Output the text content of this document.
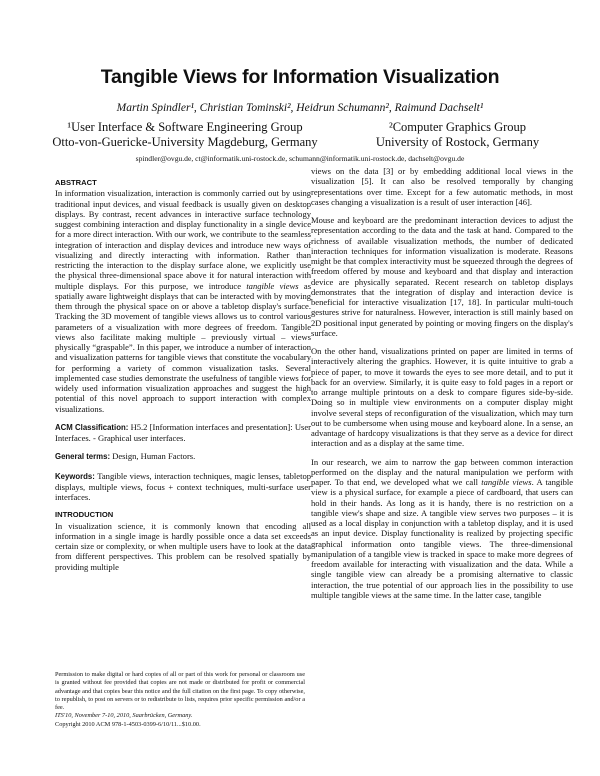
Tangible Views for Information Visualization
Martin Spindler¹, Christian Tominski², Heidrun Schumann², Raimund Dachselt¹
¹User Interface & Software Engineering Group
Otto-von-Guericke-University Magdeburg, Germany
²Computer Graphics Group
University of Rostock, Germany
spindler@ovgu.de, ct@informatik.uni-rostock.de, schumann@informatik.uni-rostock.de, dachselt@ovgu.de

ABSTRACT

In information visualization, interaction is commonly carried out by using traditional input devices, and visual feedback is usually given on desktop displays. By contrast, recent advances in interactive surface technology suggest combining interaction and display functionality in a single device for a more direct interaction. With our work, we contribute to the seamless integration of interaction and display devices and introduce new ways of visualizing and directly interacting with information. Rather than restricting the interaction to the display surface alone, we explicitly use the physical three-dimensional space above it for natural interaction with multiple displays. For this purpose, we introduce tangible views as spatially aware lightweight displays that can be interacted with by moving them through the physical space on or above a tabletop display's surface. Tracking the 3D movement of tangible views allows us to control various parameters of a visualization with more degrees of freedom. Tangible views also facilitate making multiple – previously virtual – views physically “graspable”. In this paper, we introduce a number of interaction and visualization patterns for tangible views that constitute the vocabulary for performing a variety of common visualization tasks. Several implemented case studies demonstrate the usefulness of tangible views for widely used information visualization approaches and suggest the high potential of this novel approach to support interaction with complex visualizations.

ACM Classification: H5.2 [Information interfaces and presentation]: User Interfaces. - Graphical user interfaces.

General terms: Design, Human Factors.

Keywords: Tangible views, interaction techniques, magic lenses, tabletop displays, multiple views, focus + context techniques, multi-surface user interfaces.

INTRODUCTION

In visualization science, it is commonly known that encoding all information in a single image is hardly possible once a data set exceeds certain size or complexity, or when multiple users have to look at the data from different perspectives. This problem can be resolved spatially by providing multiple

Permission to make digital or hard copies of all or part of this work for personal or classroom use is granted without fee provided that copies are not made or distributed for profit or commercial advantage and that copies bear this notice and the full citation on the first page. To copy otherwise, to republish, to post on servers or to redistribute to lists, requires prior specific permission and/or a fee.
ITS'10, November 7-10, 2010, Saarbrücken, Germany.
Copyright 2010 ACM 978-1-4503-0399-6/10/11...$10.00.

views on the data [3] or by embedding additional local views in the visualization [5]. It can also be resolved temporally by changing representations over time. Except for a few automatic methods, in most cases changing a visualization is a result of user interaction [46].

Mouse and keyboard are the predominant interaction devices to adjust the representation according to the data and the task at hand. Compared to the richness of available visualization methods, the number of dedicated interaction techniques for information visualization is moderate. Reasons might be that complex interactivity must be squeezed through the degrees of freedom offered by mouse and keyboard and that display and interaction device are physically separated. Recent research on tabletop displays demonstrates that the integration of display and interaction device is beneficial for interactive visualization [17, 18]. In particular multi-touch gestures strive for naturalness. However, interaction is still mainly based on 2D positional input generated by pointing or moving fingers on the display's surface.

On the other hand, visualizations printed on paper are limited in terms of interactively altering the graphics. However, it is quite intuitive to grab a piece of paper, to move it towards the eyes to see more detail, and to put it back for an overview. Similarly, it is quite easy to fold pages in a report or to arrange multiple printouts on a desk to compare figures side-by-side. Doing so in multiple view environments on a computer display might involve several steps of reconfiguration of the visualization, which may turn out to be cumbersome when using mouse and keyboard alone. In a sense, an advantage of hardcopy visualizations is that they serve as a device for direct interaction and as a display at the same time.

In our research, we aim to narrow the gap between common interaction performed on the display and the natural manipulation we perform with paper. To that end, we developed what we call tangible views. A tangible view is a physical surface, for example a piece of cardboard, that users can hold in their hands. As long as it is handy, there is no restriction on a tangible view's shape and size. A tangible view serves two purposes – it is used as a local display in conjunction with a tabletop display, and it is used as an input device. Display functionality is realized by projecting specific graphical information onto tangible views. The three-dimensional manipulation of a tangible view is tracked in space to make more degrees of freedom available for interacting with visualization and the data. While a single tangible view can already be a promising alternative to classic interaction, the true potential of our approach lies in the possibility to use multiple tangible views at the same time. In the latter case, tangible
